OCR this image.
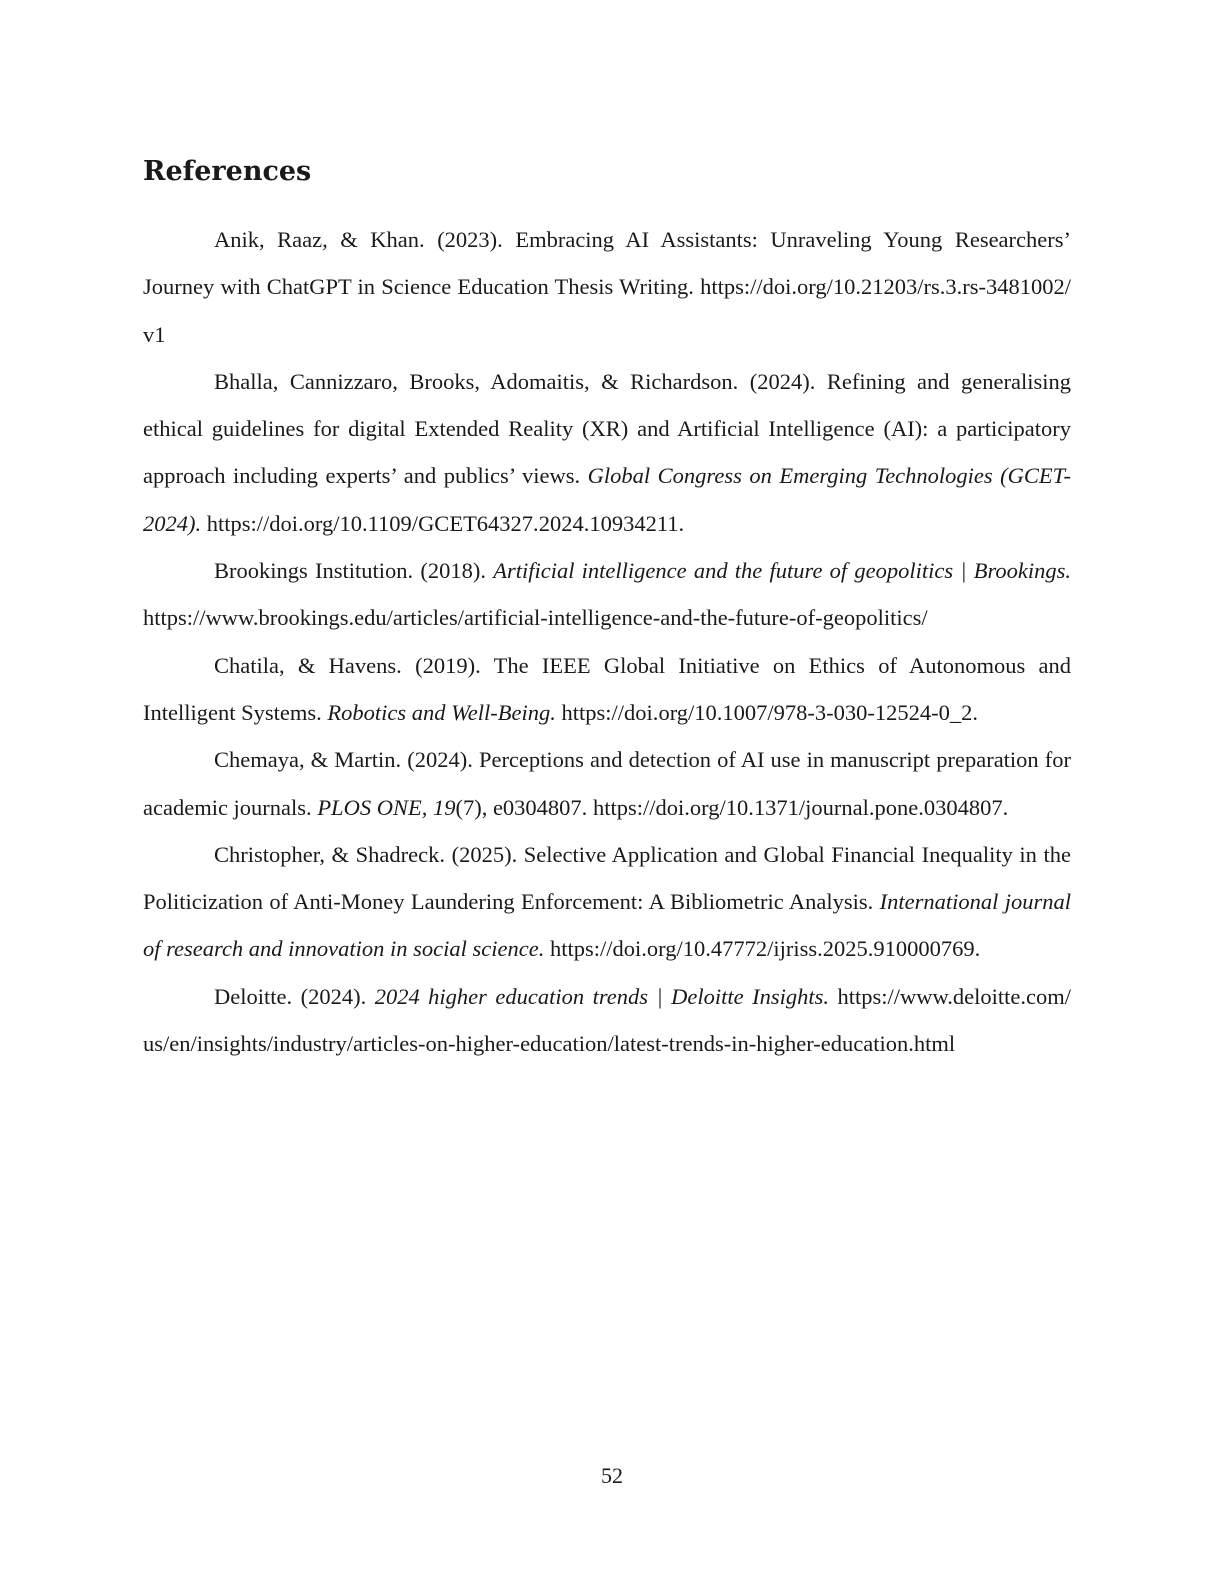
References

Anik, Raaz, & Khan. (2023). Embracing AI Assistants: Unraveling Young Researchers’ Journey with ChatGPT in Science Education Thesis Writing. https://doi.org/10.21203/rs.3.rs-3481002/v1

Bhalla, Cannizzaro, Brooks, Adomaitis, & Richardson. (2024). Refining and generalising ethical guidelines for digital Extended Reality (XR) and Artificial Intelligence (AI): a participatory approach including experts’ and publics’ views. Global Congress on Emerging Technologies (GCET-2024). https://doi.org/10.1109/GCET64327.2024.10934211.

Brookings Institution. (2018). Artificial intelligence and the future of geopolitics | Brookings. https://www.brookings.edu/articles/artificial-intelligence-and-the-future-of-geopolitics/

Chatila, & Havens. (2019). The IEEE Global Initiative on Ethics of Autonomous and Intelligent Systems. Robotics and Well-Being. https://doi.org/10.1007/978-3-030-12524-0_2.

Chemaya, & Martin. (2024). Perceptions and detection of AI use in manuscript preparation for academic journals. PLOS ONE, 19(7), e0304807. https://doi.org/10.1371/journal.pone.0304807.

Christopher, & Shadreck. (2025). Selective Application and Global Financial Inequality in the Politicization of Anti-Money Laundering Enforcement: A Bibliometric Analysis. International journal of research and innovation in social science. https://doi.org/10.47772/ijriss.2025.910000769.

Deloitte. (2024). 2024 higher education trends | Deloitte Insights. https://www.deloitte.com/us/en/insights/industry/articles-on-higher-education/latest-trends-in-higher-education.html

52
